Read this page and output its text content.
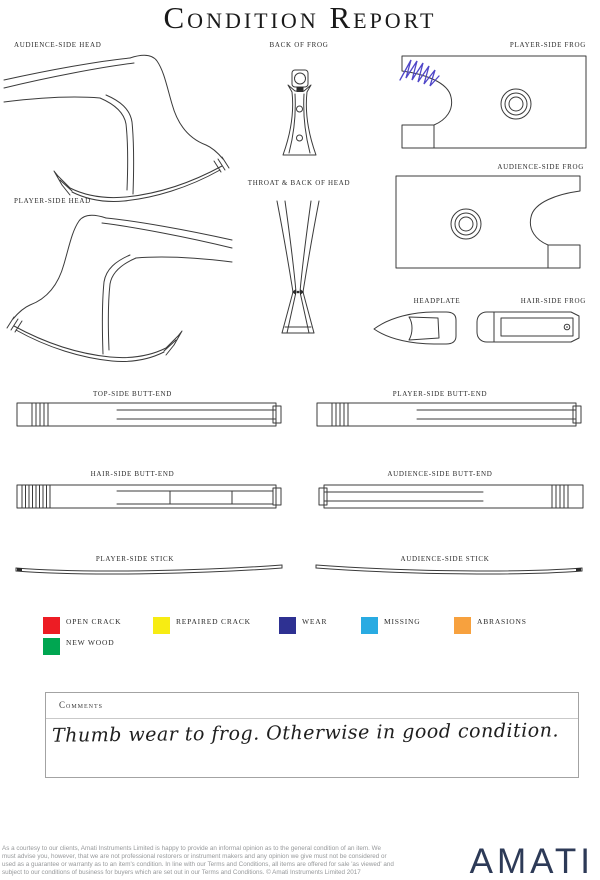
Condition Report
AUDIENCE-SIDE HEAD	BACK OF FROG	PLAYER-SIDE FROG
AUDIENCE-SIDE FROG
PLAYER-SIDE HEAD
THROAT & BACK OF HEAD
HEADPLATE	HAIR-SIDE FROG
TOP-SIDE BUTT-END	PLAYER-SIDE BUTT-END
HAIR-SIDE BUTT-END	AUDIENCE-SIDE BUTT-END
PLAYER-SIDE STICK	AUDIENCE-SIDE STICK
OPEN CRACK	REPAIRED CRACK	WEAR	MISSING	ABRASIONS
NEW WOOD
Comments
Thumb wear to frog. Otherwise in good condition.
As a courtesy to our clients, Amati Instruments Limited is happy to provide an informal opinion as to the general condition of an item. We must advise you, however, that we are not professional restorers or instrument makers and any opinion we give must not be considered or used as a guarantee or warranty as to an item's condition. In line with our Terms and Conditions, all items are offered for sale 'as viewed' and subject to our conditions of business for buyers which are set out in our Terms and Conditions. © Amati Instruments Limited 2017	AMATI
